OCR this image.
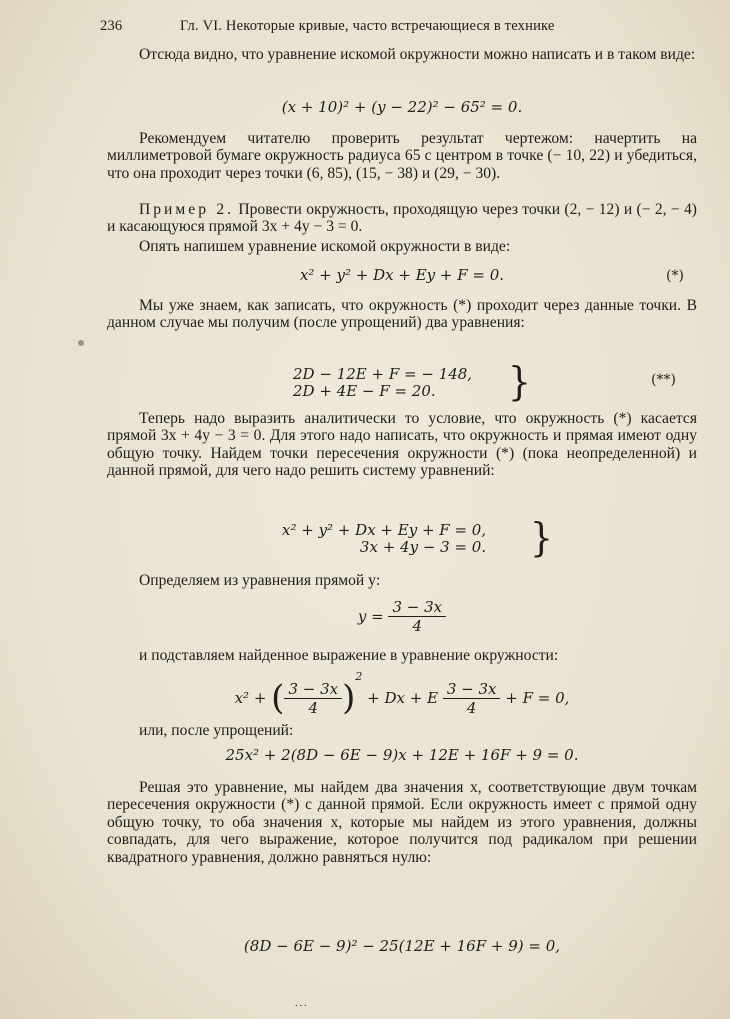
236	Гл. VI. Некоторые кривые, часто встречающиеся в технике

Отсюда видно, что уравнение искомой окружности можно написать и в таком виде:

(x + 10)² + (y − 22)² − 65² = 0.

Рекомендуем читателю проверить результат чертежом: начертить на миллиметровой бумаге окружность радиуса 65 с центром в точке (− 10, 22) и убедиться, что она проходит через точки (6, 85), (15, − 38) и (29, − 30).

Пример 2. Провести окружность, проходящую через точки (2, − 12) и (− 2, − 4) и касающуюся прямой 3x + 4y − 3 = 0.

Опять напишем уравнение искомой окружности в виде:

x² + y² + Dx + Ey + F = 0.	(*)

Мы уже знаем, как записать, что окружность (*) проходит через данные точки. В данном случае мы получим (после упрощений) два уравнения:

2D − 12E + F = − 148,
2D + 4E − F = 20.	}	(**)

Теперь надо выразить аналитически то условие, что окружность (*) касается прямой 3x + 4y − 3 = 0. Для этого надо написать, что окружность и прямая имеют одну общую точку. Найдем точки пересечения окружности (*) (пока неопределенной) и данной прямой, для чего надо решить систему уравнений:

x² + y² + Dx + Ey + F = 0,
3x + 4y − 3 = 0. }

Определяем из уравнения прямой y:

$y = \frac{3 - 3x}{4}$

и подставляем найденное выражение в уравнение окружности:

x² + ( $\frac{3 - 3x}{4} )^2 + Dx + E \frac{3 - 3x}{4} + F = 0$,

или, после упрощений:

25x² + 2(8D − 6E − 9)x + 12E + 16F + 9 = 0.

Решая это уравнение, мы найдем два значения x, соответствующие двум точкам пересечения окружности (*) с данной прямой. Если окружность имеет с прямой одну общую точку, то оба значения x, которые мы найдем из этого уравнения, должны совпадать, для чего выражение, которое получится под радикалом при решении квадратного уравнения, должно равняться нулю:

(8D − 6E − 9)² − 25(12E + 16F + 9) = 0,
...
